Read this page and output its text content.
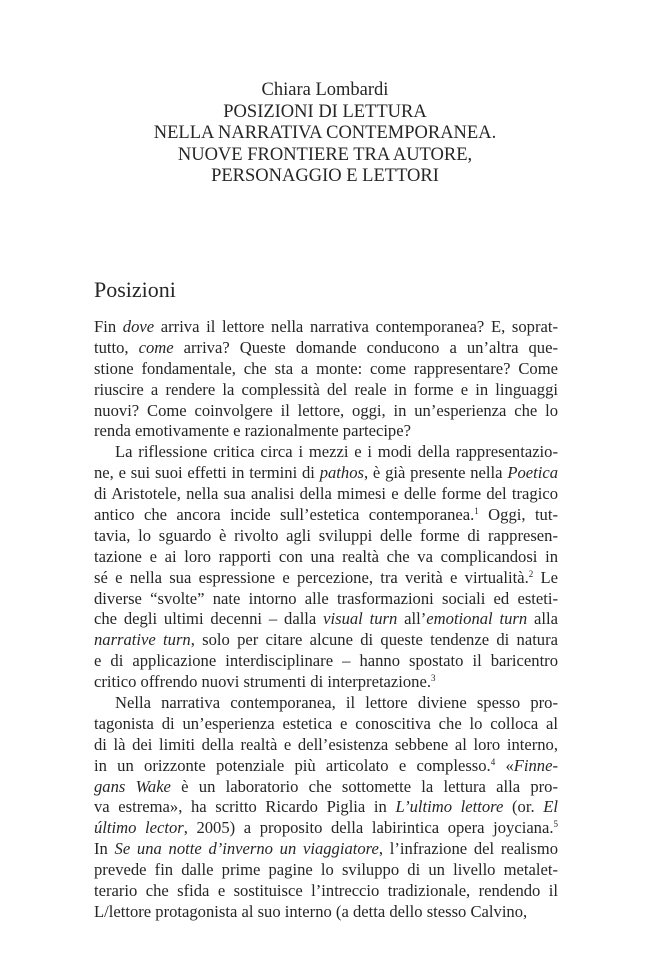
Chiara Lombardi
POSIZIONI DI LETTURA
NELLA NARRATIVA CONTEMPORANEA.
NUOVE FRONTIERE TRA AUTORE,
PERSONAGGIO E LETTORI
Posizioni
Fin dove arriva il lettore nella narrativa contemporanea? E, soprat-
tutto, come arriva? Queste domande conducono a un’altra que-
stione fondamentale, che sta a monte: come rappresentare? Come
riuscire a rendere la complessità del reale in forme e in linguaggi
nuovi? Come coinvolgere il lettore, oggi, in un’esperienza che lo
renda emotivamente e razionalmente partecipe?
La riflessione critica circa i mezzi e i modi della rappresentazio-
ne, e sui suoi effetti in termini di pathos, è già presente nella Poetica
di Aristotele, nella sua analisi della mimesi e delle forme del tragico
antico che ancora incide sull’estetica contemporanea.$^1$ Oggi, tut-
tavia, lo sguardo è rivolto agli sviluppi delle forme di rappresen-
tazione e ai loro rapporti con una realtà che va complicandosi in
sé e nella sua espressione e percezione, tra verità e virtualità.$^2$ Le
diverse “svolte” nate intorno alle trasformazioni sociali ed esteti-
che degli ultimi decenni – dalla visual turn all’emotional turn alla
narrative turn, solo per citare alcune di queste tendenze di natura
e di applicazione interdisciplinare – hanno spostato il baricentro
critico offrendo nuovi strumenti di interpretazione.$^3$
Nella narrativa contemporanea, il lettore diviene spesso pro-
tagonista di un’esperienza estetica e conoscitiva che lo colloca al
di là dei limiti della realtà e dell’esistenza sebbene al loro interno,
in un orizzonte potenziale più articolato e complesso.$^4$ «Finne-
gans Wake è un laboratorio che sottomette la lettura alla pro-
va estrema», ha scritto Ricardo Piglia in L’ultimo lettore (or. El
último lector, 2005) a proposito della labirintica opera joyciana.$^5$
In Se una notte d’inverno un viaggiatore, l’infrazione del realismo
prevede fin dalle prime pagine lo sviluppo di un livello metalet-
terario che sfida e sostituisce l’intreccio tradizionale, rendendo il
L/lettore protagonista al suo interno (a detta dello stesso Calvino,
